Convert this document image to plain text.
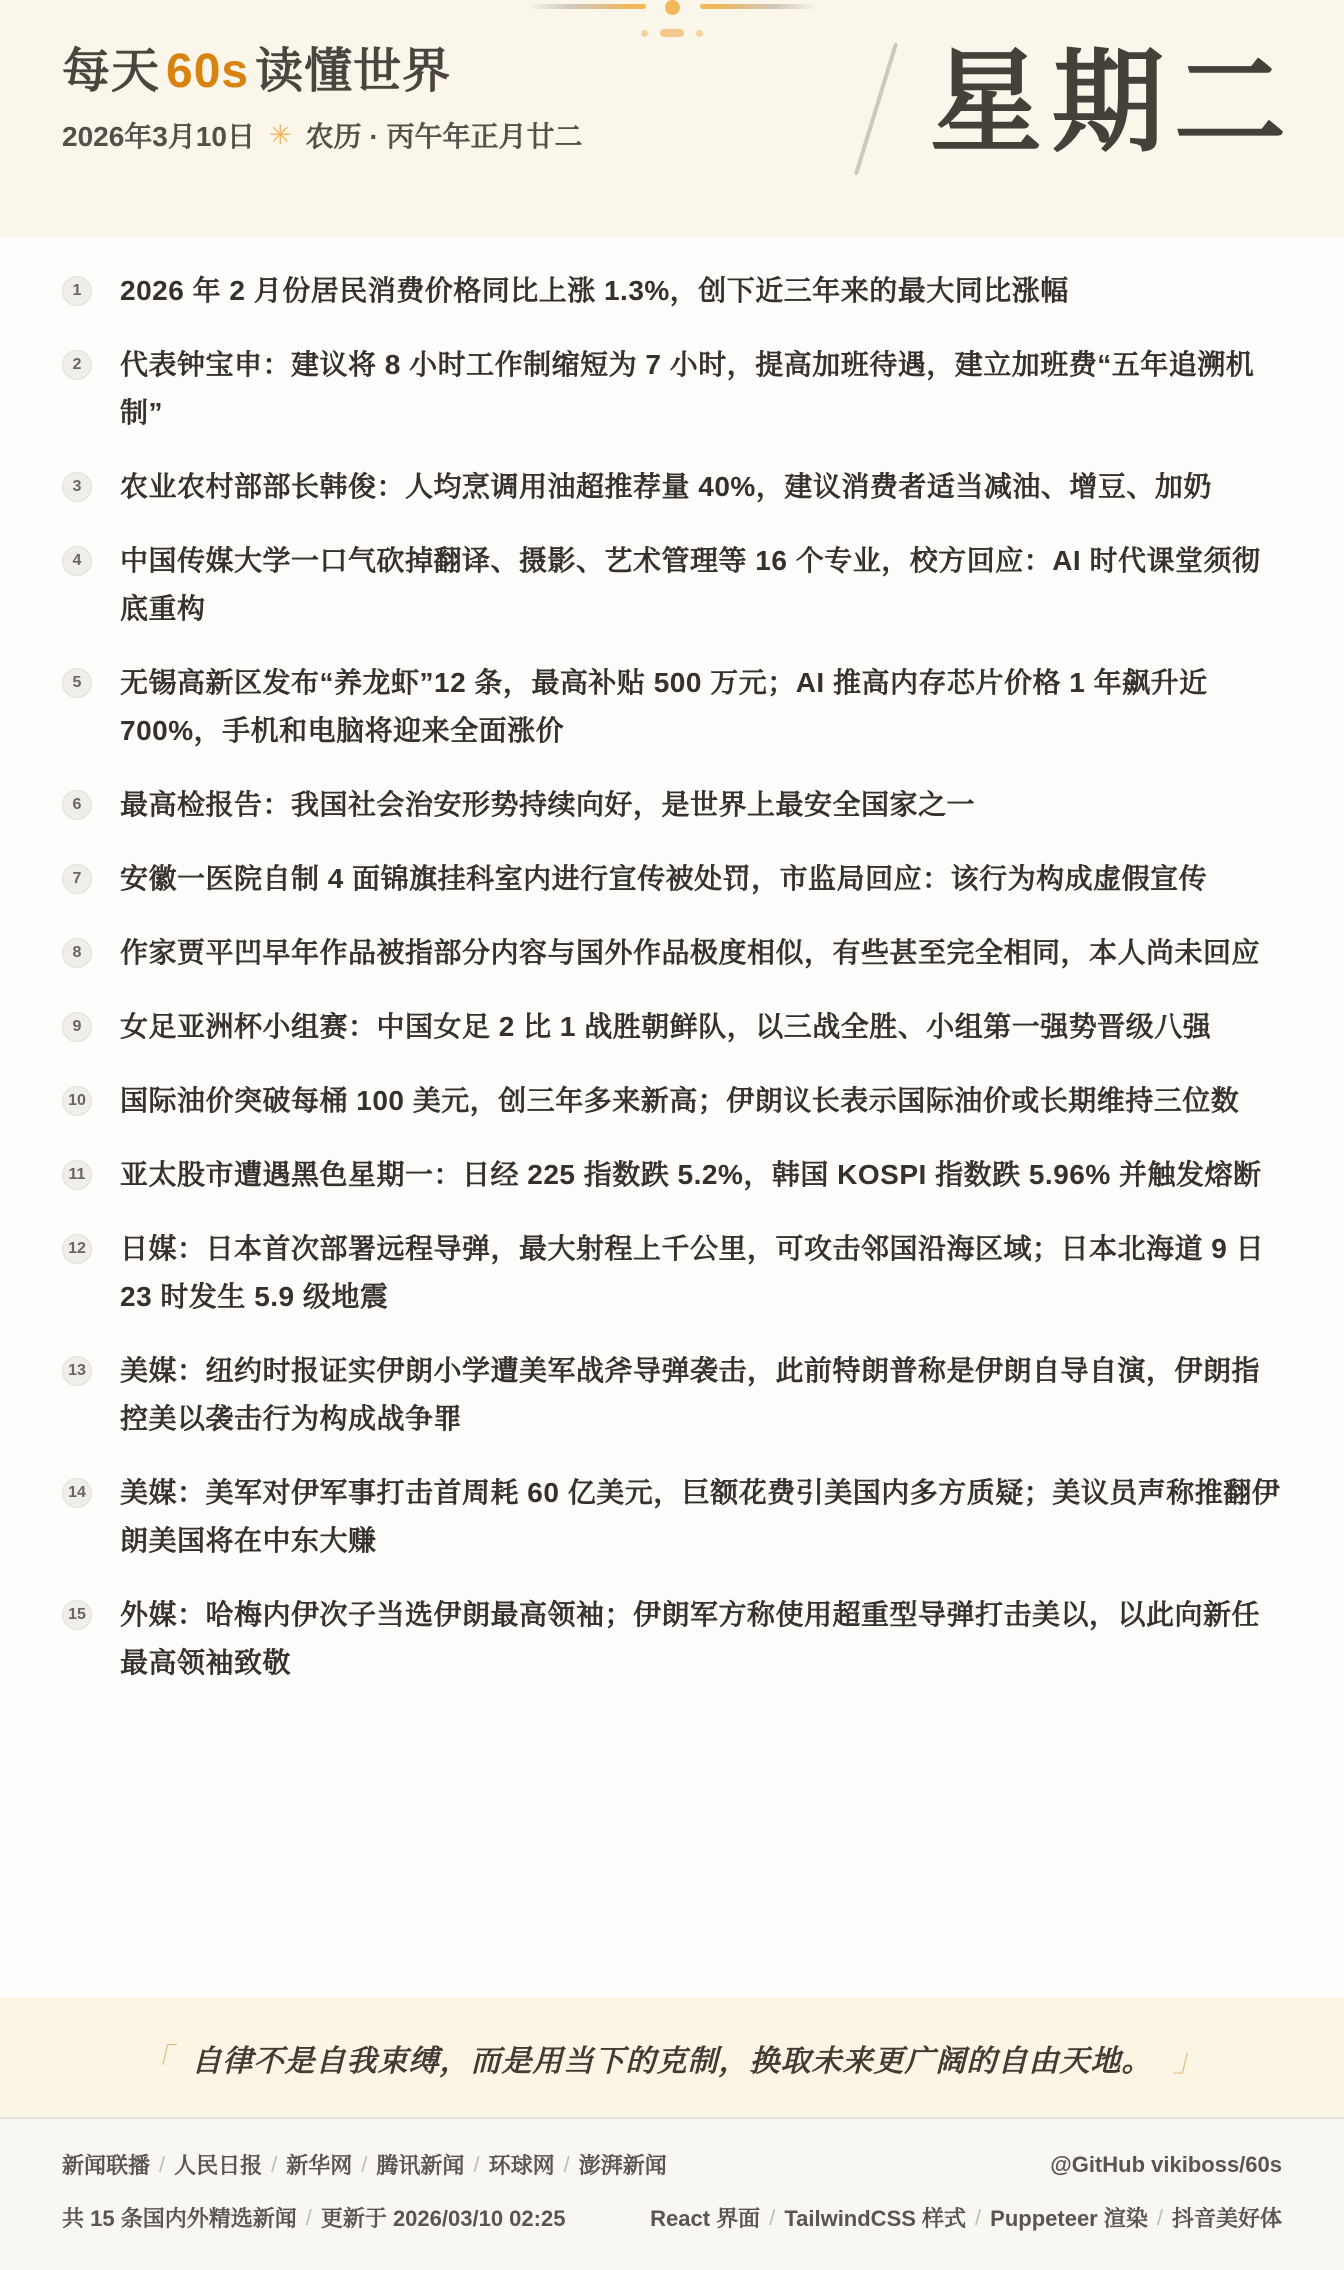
每天 60s 读懂世界
2026年3月10日 ✳ 农历 · 丙午年正月廿二	星期二
1	2026 年 2 月份居民消费价格同比上涨 1.3%，创下近三年来的最大同比涨幅
2	代表钟宝申：建议将 8 小时工作制缩短为 7 小时，提高加班待遇，建立加班费“五年追溯机制”
3	农业农村部部长韩俊：人均烹调用油超推荐量 40%，建议消费者适当减油、增豆、加奶
4	中国传媒大学一口气砍掉翻译、摄影、艺术管理等 16 个专业，校方回应：AI 时代课堂须彻底重构
5	无锡高新区发布“养龙虾”12 条，最高补贴 500 万元；AI 推高内存芯片价格 1 年飙升近 700%，手机和电脑将迎来全面涨价
6	最高检报告：我国社会治安形势持续向好，是世界上最安全国家之一
7	安徽一医院自制 4 面锦旗挂科室内进行宣传被处罚，市监局回应：该行为构成虚假宣传
8	作家贾平凹早年作品被指部分内容与国外作品极度相似，有些甚至完全相同，本人尚未回应
9	女足亚洲杯小组赛：中国女足 2 比 1 战胜朝鲜队，以三战全胜、小组第一强势晋级八强
10 国际油价突破每桶 100 美元，创三年多来新高；伊朗议长表示国际油价或长期维持三位数
11 亚太股市遭遇黑色星期一：日经 225 指数跌 5.2%，韩国 KOSPI 指数跌 5.96% 并触发熔断
12 日媒：日本首次部署远程导弹，最大射程上千公里，可攻击邻国沿海区域；日本北海道 9 日 23 时发生 5.9 级地震
13 美媒：纽约时报证实伊朗小学遭美军战斧导弹袭击，此前特朗普称是伊朗自导自演，伊朗指控美以袭击行为构成战争罪
14 美媒：美军对伊军事打击首周耗 60 亿美元，巨额花费引美国内多方质疑；美议员声称推翻伊朗美国将在中东大赚
15 外媒：哈梅内伊次子当选伊朗最高领袖；伊朗军方称使用超重型导弹打击美以，以此向新任最高领袖致敬
「 自律不是自我束缚，而是用当下的克制，换取未来更广阔的自由天地。 」
新闻联播 / 人民日报 / 新华网 / 腾讯新闻 / 环球网 / 澎湃新闻	@GitHub vikiboss/60s
共 15 条国内外精选新闻 / 更新于 2026/03/10 02:25	React 界面 / TailwindCSS 样式 / Puppeteer 渲染 / 抖音美好体
